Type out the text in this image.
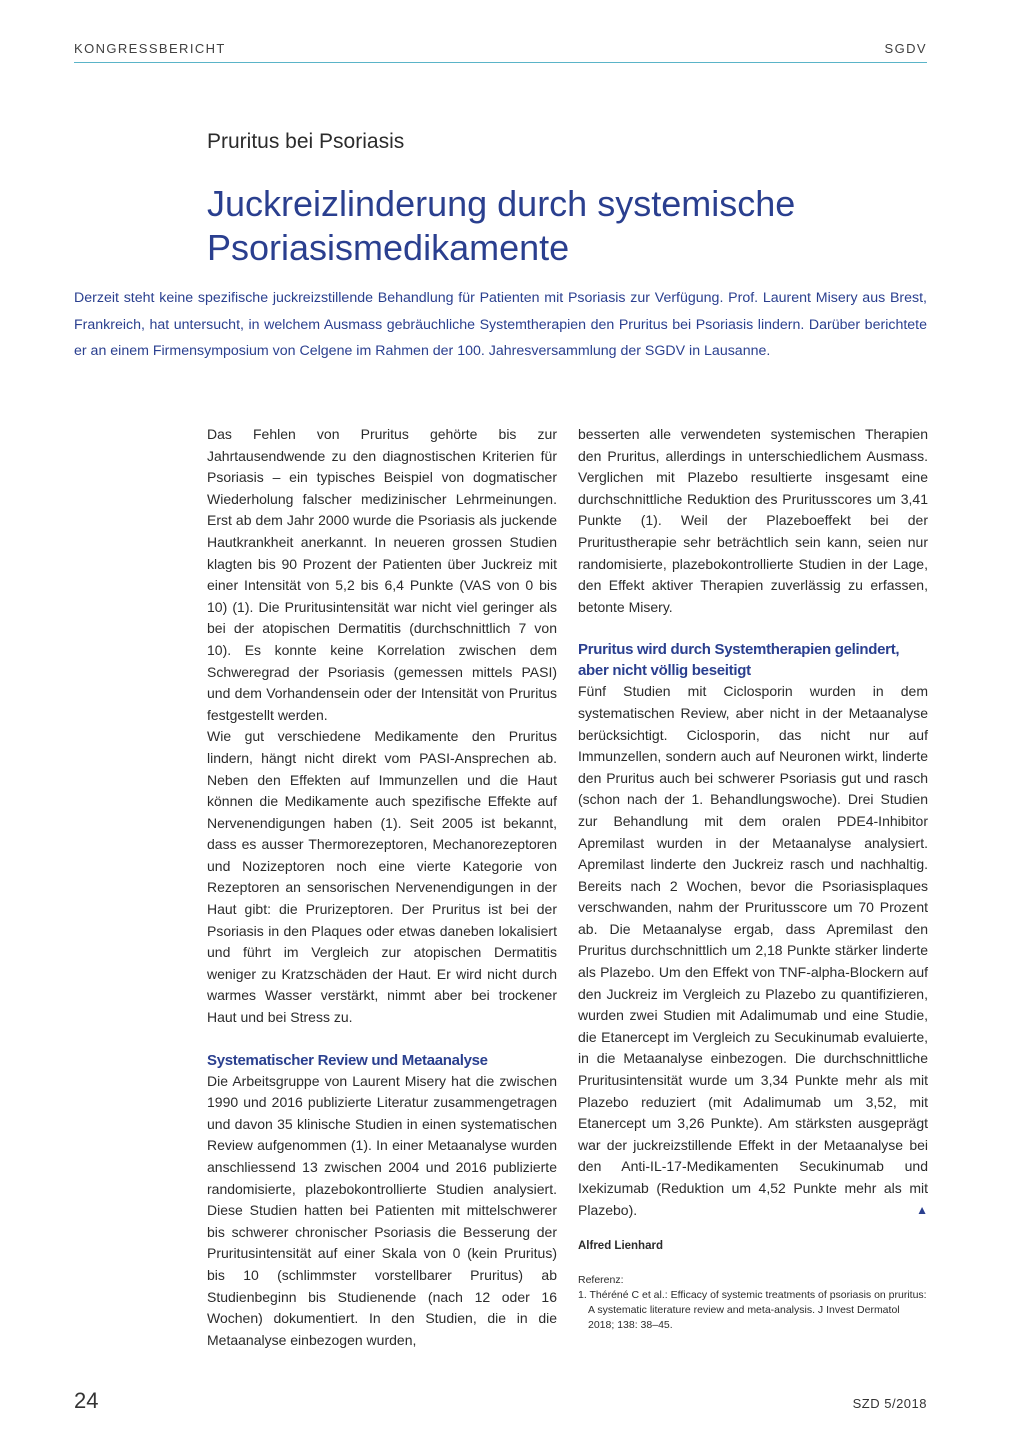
KONGRESSBERICHT	SGDV
Pruritus bei Psoriasis
Juckreizlinderung durch systemische Psoriasismedikamente
Derzeit steht keine spezifische juckreizstillende Behandlung für Patienten mit Psoriasis zur Verfügung. Prof. Laurent Misery aus Brest, Frankreich, hat untersucht, in welchem Ausmass gebräuchliche Systemtherapien den Pruritus bei Psoriasis lindern. Darüber berichtete er an einem Firmensymposium von Celgene im Rahmen der 100. Jahresversammlung der SGDV in Lausanne.

Das Fehlen von Pruritus gehörte bis zur Jahrtausendwende zu den diagnostischen Kriterien für Psoriasis – ein typisches Beispiel von dogmatischer Wiederholung falscher medizinischer Lehrmeinungen. Erst ab dem Jahr 2000 wurde die Psoriasis als juckende Hautkrankheit anerkannt. In neueren grossen Studien klagten bis 90 Prozent der Patienten über Juckreiz mit einer Intensität von 5,2 bis 6,4 Punkte (VAS von 0 bis 10) (1). Die Pruritusintensität war nicht viel geringer als bei der atopischen Dermatitis (durchschnittlich 7 von 10). Es konnte keine Korrelation zwischen dem Schweregrad der Psoriasis (gemessen mittels PASI) und dem Vorhandensein oder der Intensität von Pruritus festgestellt werden.

Wie gut verschiedene Medikamente den Pruritus lindern, hängt nicht direkt vom PASI-Ansprechen ab. Neben den Effekten auf Immunzellen und die Haut können die Medikamente auch spezifische Effekte auf Nervenendigungen haben (1). Seit 2005 ist bekannt, dass es ausser Thermorezeptoren, Mechanorezeptoren und Nozizeptoren noch eine vierte Kategorie von Rezeptoren an sensorischen Nervenendigungen in der Haut gibt: die Prurizeptoren. Der Pruritus ist bei der Psoriasis in den Plaques oder etwas daneben lokalisiert und führt im Vergleich zur atopischen Dermatitis weniger zu Kratzschäden der Haut. Er wird nicht durch warmes Wasser verstärkt, nimmt aber bei trockener Haut und bei Stress zu.

Systematischer Review und Metaanalyse

Die Arbeitsgruppe von Laurent Misery hat die zwischen 1990 und 2016 publizierte Literatur zusammengetragen und davon 35 klinische Studien in einen systematischen Review aufgenommen (1). In einer Metaanalyse wurden anschliessend 13 zwischen 2004 und 2016 publizierte randomisierte, plazebokontrollierte Studien analysiert. Diese Studien hatten bei Patienten mit mittelschwerer bis schwerer chronischer Psoriasis die Besserung der Pruritusintensität auf einer Skala von 0 (kein Pruritus) bis 10 (schlimmster vorstellbarer Pruritus) ab Studienbeginn bis Studienende (nach 12 oder 16 Wochen) dokumentiert. In den Studien, die in die Metaanalyse einbezogen wurden,

besserten alle verwendeten systemischen Therapien den Pruritus, allerdings in unterschiedlichem Ausmass. Verglichen mit Plazebo resultierte insgesamt eine durchschnittliche Reduktion des Pruritusscores um 3,41 Punkte (1). Weil der Plazeboeffekt bei der Pruritustherapie sehr beträchtlich sein kann, seien nur randomisierte, plazebokontrollierte Studien in der Lage, den Effekt aktiver Therapien zuverlässig zu erfassen, betonte Misery.

Pruritus wird durch Systemtherapien gelindert, aber nicht völlig beseitigt

Fünf Studien mit Ciclosporin wurden in dem systematischen Review, aber nicht in der Metaanalyse berücksichtigt. Ciclosporin, das nicht nur auf Immunzellen, sondern auch auf Neuronen wirkt, linderte den Pruritus auch bei schwerer Psoriasis gut und rasch (schon nach der 1. Behandlungswoche). Drei Studien zur Behandlung mit dem oralen PDE4-Inhibitor Apremilast wurden in der Metaanalyse analysiert. Apremilast linderte den Juckreiz rasch und nachhaltig. Bereits nach 2 Wochen, bevor die Psoriasisplaques verschwanden, nahm der Pruritusscore um 70 Prozent ab. Die Metaanalyse ergab, dass Apremilast den Pruritus durchschnittlich um 2,18 Punkte stärker linderte als Plazebo. Um den Effekt von TNF-alpha-Blockern auf den Juckreiz im Vergleich zu Plazebo zu quantifizieren, wurden zwei Studien mit Adalimumab und eine Studie, die Etanercept im Vergleich zu Secukinumab evaluierte, in die Metaanalyse einbezogen. Die durchschnittliche Pruritusintensität wurde um 3,34 Punkte mehr als mit Plazebo reduziert (mit Adalimumab um 3,52, mit Etanercept um 3,26 Punkte). Am stärksten ausgeprägt war der juckreizstillende Effekt in der Metaanalyse bei den Anti-IL-17-Medikamenten Secukinumab und Ixekizumab (Reduktion um 4,52 Punkte mehr als mit Plazebo).	▲
Alfred Lienhard
Referenz:

1. Théréné C et al.: Efficacy of systemic treatments of psoriasis on pruritus: A systematic literature review and meta-analysis. J Invest Dermatol 2018; 138: 38–45.

24	SZD 5/2018
